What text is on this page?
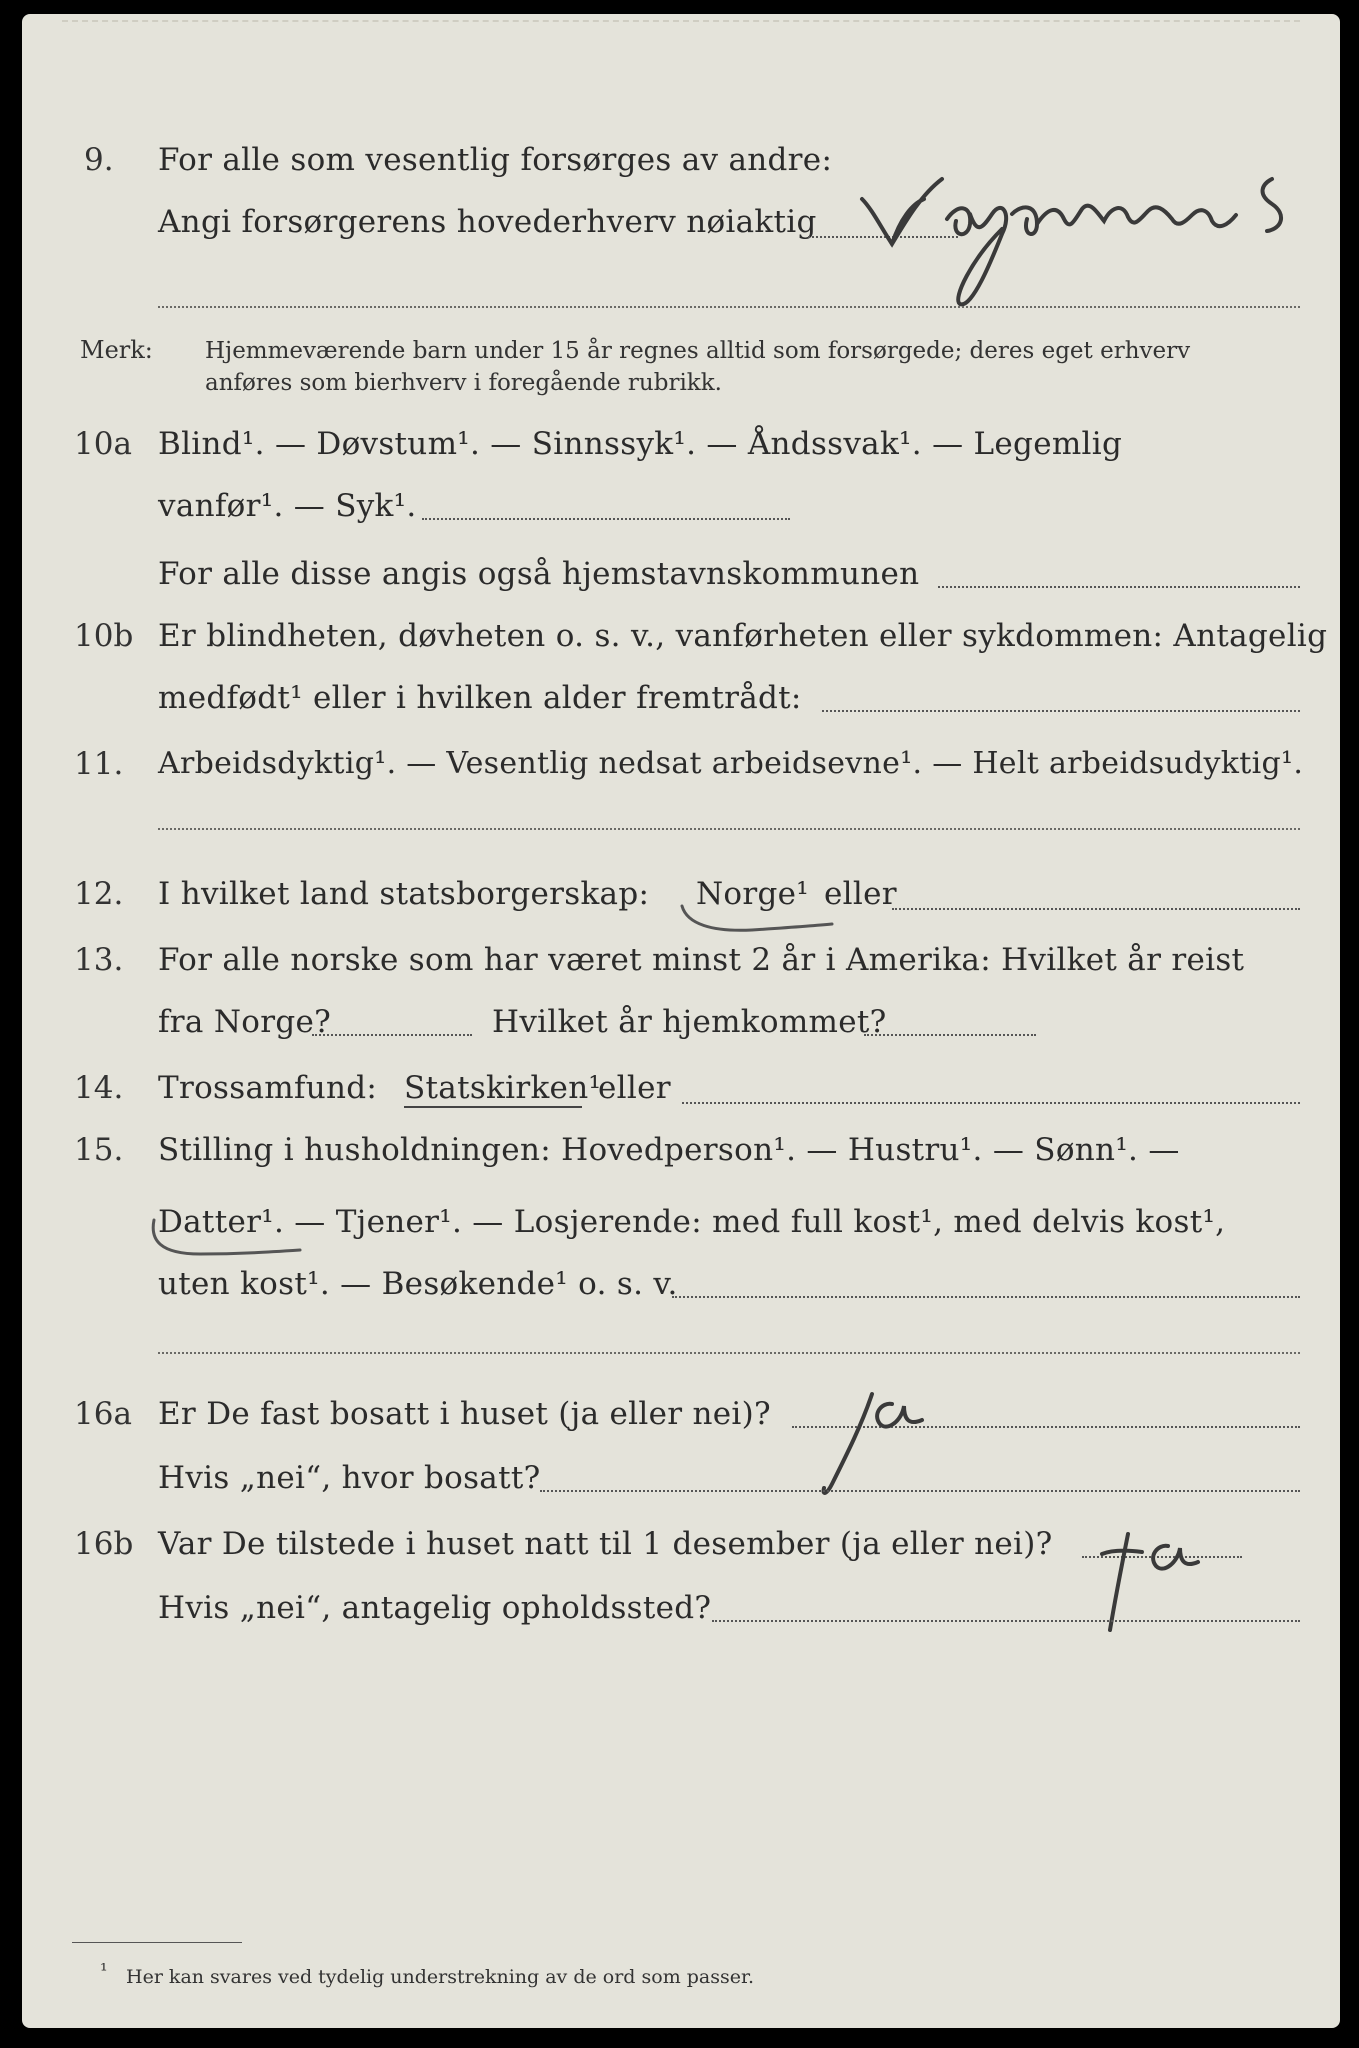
9. For alle som vesentlig forsørges av andre:
Angi forsørgerens hovederhverv nøiaktig
Merk: Hjemmeværende barn under 15 år regnes alltid som forsørgede; deres eget erhverv
anføres som bierhverv i foregående rubrikk.
10a Blind¹. — Døvstum¹. — Sinnssyk¹. — Åndssvak¹. — Legemlig
vanfør¹. — Syk¹.
For alle disse angis også hjemstavnskommunen
10b Er blindheten, døvheten o. s. v., vanførheten eller sykdommen: Antagelig
medfødt¹ eller i hvilken alder fremtrådt:
11. Arbeidsdyktig¹. — Vesentlig nedsat arbeidsevne¹. — Helt arbeidsudyktig¹.
12. I hvilket land statsborgerskap: Norge¹ eller
13. For alle norske som har været minst 2 år i Amerika: Hvilket år reist
fra Norge?	Hvilket år hjemkommet?
14. Trossamfund: Statskirken¹
eller
15. Stilling i husholdningen: Hovedperson¹. — Hustru¹. — Sønn¹. —
Datter¹. — Tjener¹. — Losjerende: med full kost¹, med delvis kost¹,
uten kost¹. — Besøkende¹ o. s. v.
16a Er De fast bosatt i huset (ja eller nei)?
Hvis „nei“, hvor bosatt?
16b Var De tilstede i huset natt til 1 desember (ja eller nei)?
Hvis „nei“, antagelig opholdssted?
¹ Her kan svares ved tydelig understrekning av de ord som passer.
